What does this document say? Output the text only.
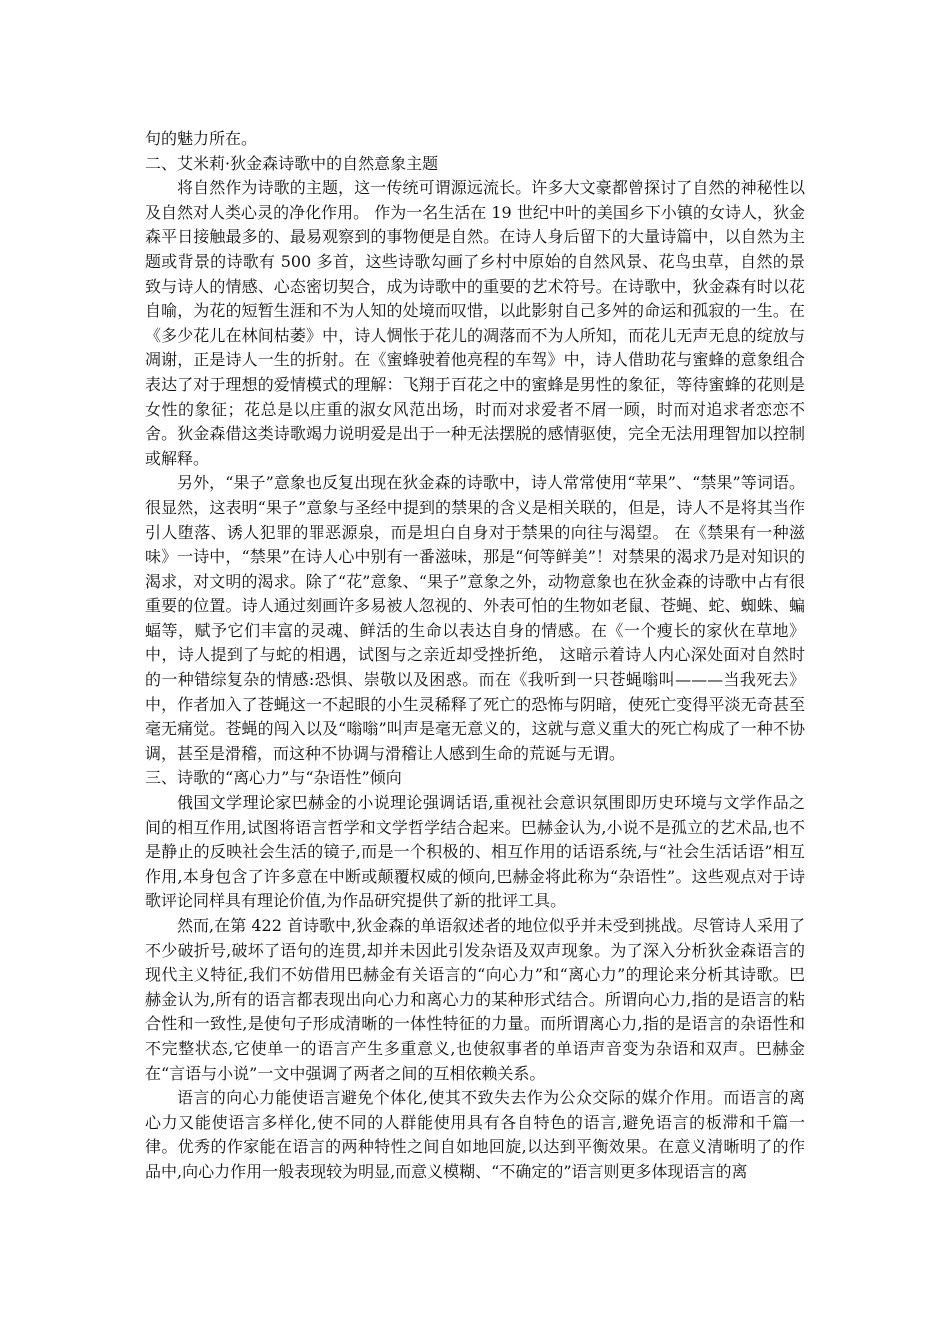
句的魅力所在。

二、艾米莉·狄金森诗歌中的自然意象主题

将自然作为诗歌的主题，这一传统可谓源远流长。许多大文豪都曾探讨了自然的神秘性以及自然对人类心灵的净化作用。 作为一名生活在 19 世纪中叶的美国乡下小镇的女诗人，狄金森平日接触最多的、最易观察到的事物便是自然。在诗人身后留下的大量诗篇中，以自然为主题或背景的诗歌有 500 多首，这些诗歌勾画了乡村中原始的自然风景、花鸟虫草，自然的景致与诗人的情感、心态密切契合，成为诗歌中的重要的艺术符号。在诗歌中，狄金森有时以花自喻，为花的短暂生涯和不为人知的处境而叹惜，以此影射自己多舛的命运和孤寂的一生。在《多少花儿在林间枯萎》中，诗人惆怅于花儿的凋落而不为人所知，而花儿无声无息的绽放与凋谢，正是诗人一生的折射。在《蜜蜂驶着他亮程的车驾》中，诗人借助花与蜜蜂的意象组合表达了对于理想的爱情模式的理解：飞翔于百花之中的蜜蜂是男性的象征，等待蜜蜂的花则是女性的象征；花总是以庄重的淑女风范出场，时而对求爱者不屑一顾，时而对追求者恋恋不舍。狄金森借这类诗歌竭力说明爱是出于一种无法摆脱的感情驱使，完全无法用理智加以控制或解释。

另外，“果子”意象也反复出现在狄金森的诗歌中，诗人常常使用“苹果”、“禁果”等词语。很显然，这表明“果子”意象与圣经中提到的禁果的含义是相关联的，但是，诗人不是将其当作引人堕落、诱人犯罪的罪恶源泉，而是坦白自身对于禁果的向往与渴望。 在《禁果有一种滋味》一诗中，“禁果”在诗人心中别有一番滋味，那是“何等鲜美”！对禁果的渴求乃是对知识的渴求，对文明的渴求。除了“花”意象、“果子”意象之外，动物意象也在狄金森的诗歌中占有很重要的位置。诗人通过刻画许多易被人忽视的、外表可怕的生物如老鼠、苍蝇、蛇、蜘蛛、蝙蝠等，赋予它们丰富的灵魂、鲜活的生命以表达自身的情感。在《一个瘦长的家伙在草地》中，诗人提到了与蛇的相遇，试图与之亲近却受挫折绝， 这暗示着诗人内心深处面对自然时的一种错综复杂的情感:恐惧、崇敬以及困惑。而在《我听到一只苍蝇嗡叫———当我死去》中，作者加入了苍蝇这一不起眼的小生灵稀释了死亡的恐怖与阴暗，使死亡变得平淡无奇甚至毫无痛觉。苍蝇的闯入以及“嗡嗡”叫声是毫无意义的，这就与意义重大的死亡构成了一种不协调，甚至是滑稽，而这种不协调与滑稽让人感到生命的荒诞与无谓。

三、诗歌的“离心力”与“杂语性”倾向

俄国文学理论家巴赫金的小说理论强调话语,重视社会意识氛围即历史环境与文学作品之间的相互作用,试图将语言哲学和文学哲学结合起来。巴赫金认为,小说不是孤立的艺术品,也不是静止的反映社会生活的镜子,而是一个积极的、相互作用的话语系统,与“社会生活话语”相互作用,本身包含了许多意在中断或颠覆权威的倾向,巴赫金将此称为“杂语性”。这些观点对于诗歌评论同样具有理论价值,为作品研究提供了新的批评工具。

然而,在第 422 首诗歌中,狄金森的单语叙述者的地位似乎并未受到挑战。尽管诗人采用了不少破折号,破坏了语句的连贯,却并未因此引发杂语及双声现象。为了深入分析狄金森语言的现代主义特征,我们不妨借用巴赫金有关语言的“向心力”和“离心力”的理论来分析其诗歌。巴赫金认为,所有的语言都表现出向心力和离心力的某种形式结合。所谓向心力,指的是语言的粘合性和一致性,是使句子形成清晰的一体性特征的力量。而所谓离心力,指的是语言的杂语性和不完整状态,它使单一的语言产生多重意义,也使叙事者的单语声音变为杂语和双声。巴赫金在“言语与小说”一文中强调了两者之间的互相依赖关系。

语言的向心力能使语言避免个体化,使其不致失去作为公众交际的媒介作用。而语言的离心力又能使语言多样化,使不同的人群能使用具有各自特色的语言,避免语言的板滞和千篇一律。优秀的作家能在语言的两种特性之间自如地回旋,以达到平衡效果。在意义清晰明了的作品中,向心力作用一般表现较为明显,而意义模糊、“不确定的”语言则更多体现语言的离
